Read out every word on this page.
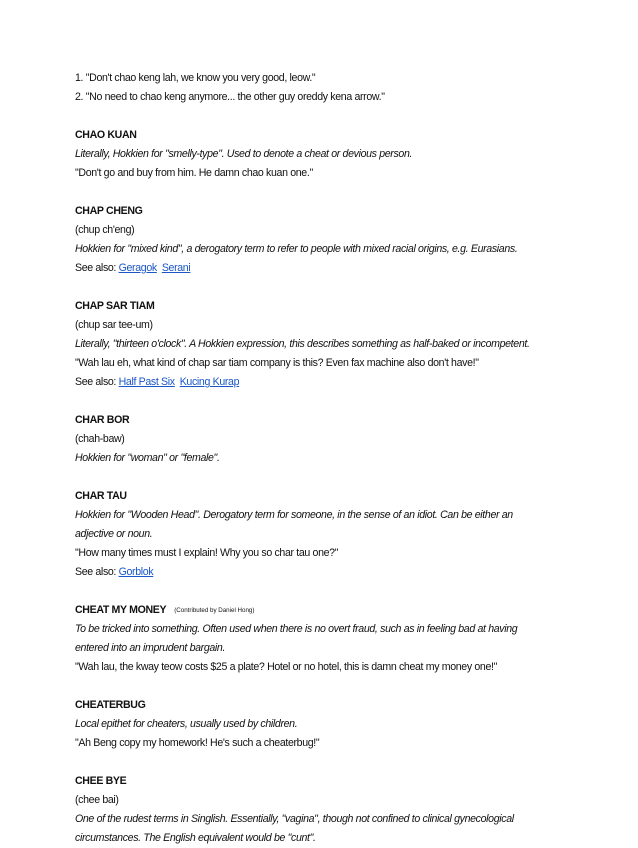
1. "Don't chao keng lah, we know you very good, leow."
2. "No need to chao keng anymore... the other guy oreddy kena arrow."
CHAO KUAN
Literally, Hokkien for "smelly-type". Used to denote a cheat or devious person.
"Don't go and buy from him. He damn chao kuan one."
CHAP CHENG
(chup ch'eng)
Hokkien for "mixed kind", a derogatory term to refer to people with mixed racial origins, e.g. Eurasians.
See also: Geragok Serani
CHAP SAR TIAM
(chup sar tee-um)
Literally, "thirteen o'clock". A Hokkien expression, this describes something as half-baked or incompetent.
"Wah lau eh, what kind of chap sar tiam company is this? Even fax machine also don't have!"
See also: Half Past Six Kucing Kurap
CHAR BOR
(chah-baw)
Hokkien for "woman" or "female".
CHAR TAU
Hokkien for "Wooden Head". Derogatory term for someone, in the sense of an idiot. Can be either an
adjective or noun.
"How many times must I explain! Why you so char tau one?"
See also: Gorblok
CHEAT MY MONEY (Contributed by Daniel Hong)
To be tricked into something. Often used when there is no overt fraud, such as in feeling bad at having
entered into an imprudent bargain.
"Wah lau, the kway teow costs $25 a plate? Hotel or no hotel, this is damn cheat my money one!"
CHEATERBUG
Local epithet for cheaters, usually used by children.
"Ah Beng copy my homework! He's such a cheaterbug!"
CHEE BYE
(chee bai)
One of the rudest terms in Singlish. Essentially, "vagina", though not confined to clinical gynecological
circumstances. The English equivalent would be "cunt".
